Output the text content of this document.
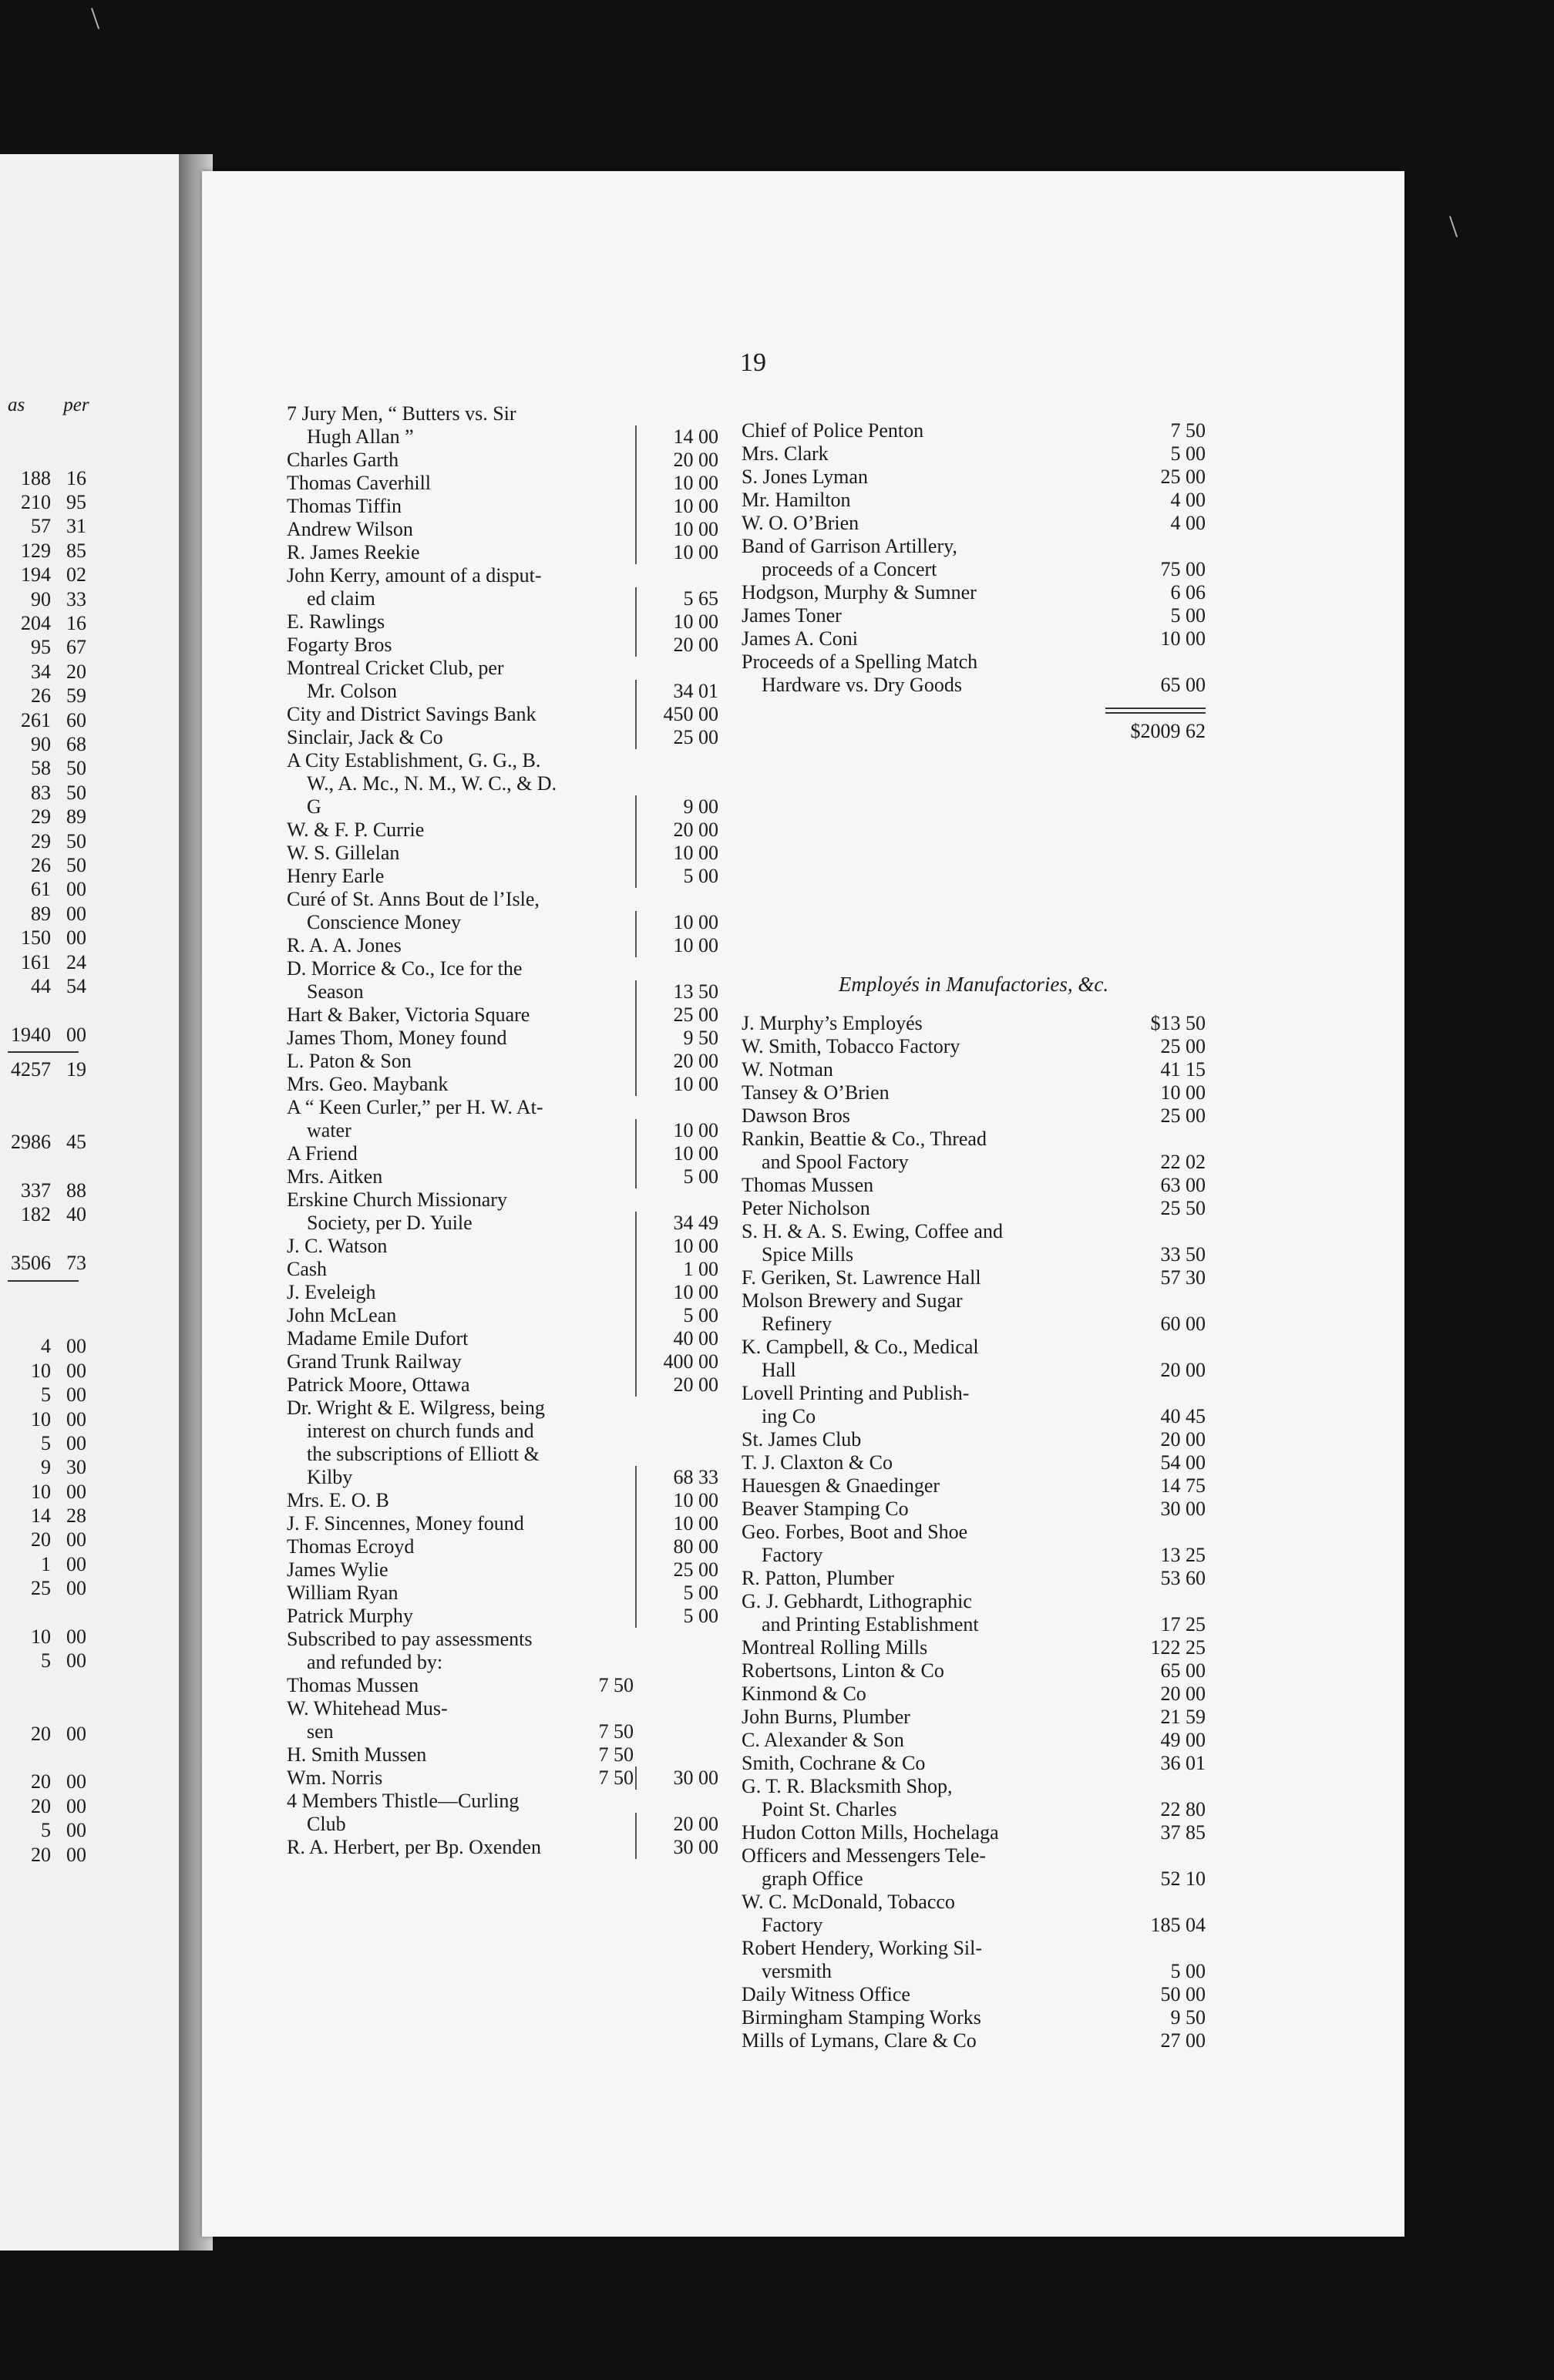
as per
188 16
210 95
57 31
129 85
194 02
90 33
204 16
95 67
34 20
26 59
261 60
90 68
58 50
83 50
29 89
29 50
26 50
61 00
89 00
150 00
161 24
44 54
1940 00
4257 19
2986 45
337 88
182 40
3506 73
4 00
10 00
5 00
10 00
5 00
9 30
10 00
14 28
20 00
1 00
25 00
10 00
5 00
20 00
20 00
20 00
5 00
20 00
19
7 Jury Men, “ Butters vs. Sir
Hugh Allan ”	14 00
Charles Garth	20 00
Thomas Caverhill	10 00
Thomas Tiffin	10 00
Andrew Wilson	10 00
R. James Reekie	10 00
John Kerry, amount of a disput-
ed claim	5 65
E. Rawlings	10 00
Fogarty Bros	20 00
Montreal Cricket Club, per
Mr. Colson	34 01
City and District Savings Bank	450 00
Sinclair, Jack & Co	25 00
A City Establishment, G. G., B.
W., A. Mc., N. M., W. C., & D.
G	9 00
W. & F. P. Currie	20 00
W. S. Gillelan	10 00
Henry Earle	5 00
Curé of St. Anns Bout de l’Isle,
Conscience Money	10 00
R. A. A. Jones	10 00
D. Morrice & Co., Ice for the
Season	13 50
Hart & Baker, Victoria Square	25 00
James Thom, Money found	9 50
L. Paton & Son	20 00
Mrs. Geo. Maybank	10 00
A “ Keen Curler,” per H. W. At-
water	10 00
A Friend	10 00
Mrs. Aitken	5 00
Erskine Church Missionary
Society, per D. Yuile	34 49
J. C. Watson	10 00
Cash	1 00
J. Eveleigh	10 00
John McLean	5 00
Madame Emile Dufort	40 00
Grand Trunk Railway	400 00
Patrick Moore, Ottawa	20 00
Dr. Wright & E. Wilgress, being
interest on church funds and
the subscriptions of Elliott &
Kilby	68 33
Mrs. E. O. B	10 00
J. F. Sincennes, Money found	10 00
Thomas Ecroyd	80 00
James Wylie	25 00
William Ryan	5 00
Patrick Murphy	5 00
Subscribed to pay assessments
and refunded by:
Thomas Mussen	7 50
W. Whitehead Mus-
sen	7 50
H. Smith Mussen	7 50
Wm. Norris	7 50	30 00
4 Members Thistle—Curling
Club	20 00
R. A. Herbert, per Bp. Oxenden	30 00
Chief of Police Penton	7 50
Mrs. Clark	5 00
S. Jones Lyman	25 00
Mr. Hamilton	4 00
W. O. O’Brien	4 00
Band of Garrison Artillery,
proceeds of a Concert	75 00
Hodgson, Murphy & Sumner	6 06
James Toner	5 00
James A. Coni	10 00
Proceeds of a Spelling Match
Hardware vs. Dry Goods	65 00
$2009 62
Employés in Manufactories, &c.
J. Murphy’s Employés	$13 50
W. Smith, Tobacco Factory	25 00
W. Notman	41 15
Tansey & O’Brien	10 00
Dawson Bros	25 00
Rankin, Beattie & Co., Thread
and Spool Factory	22 02
Thomas Mussen	63 00
Peter Nicholson	25 50
S. H. & A. S. Ewing, Coffee and
Spice Mills	33 50
F. Geriken, St. Lawrence Hall	57 30
Molson Brewery and Sugar
Refinery	60 00
K. Campbell, & Co., Medical
Hall	20 00
Lovell Printing and Publish-
ing Co	40 45
St. James Club	20 00
T. J. Claxton & Co	54 00
Hauesgen & Gnaedinger	14 75
Beaver Stamping Co	30 00
Geo. Forbes, Boot and Shoe
Factory	13 25
R. Patton, Plumber	53 60
G. J. Gebhardt, Lithographic
and Printing Establishment	17 25
Montreal Rolling Mills	122 25
Robertsons, Linton & Co	65 00
Kinmond & Co	20 00
John Burns, Plumber	21 59
C. Alexander & Son	49 00
Smith, Cochrane & Co	36 01
G. T. R. Blacksmith Shop,
Point St. Charles	22 80
Hudon Cotton Mills, Hochelaga	37 85
Officers and Messengers Tele-
graph Office	52 10
W. C. McDonald, Tobacco
Factory	185 04
Robert Hendery, Working Sil-
versmith	5 00
Daily Witness Office	50 00
Birmingham Stamping Works	9 50
Mills of Lymans, Clare & Co	27 00
\
\
